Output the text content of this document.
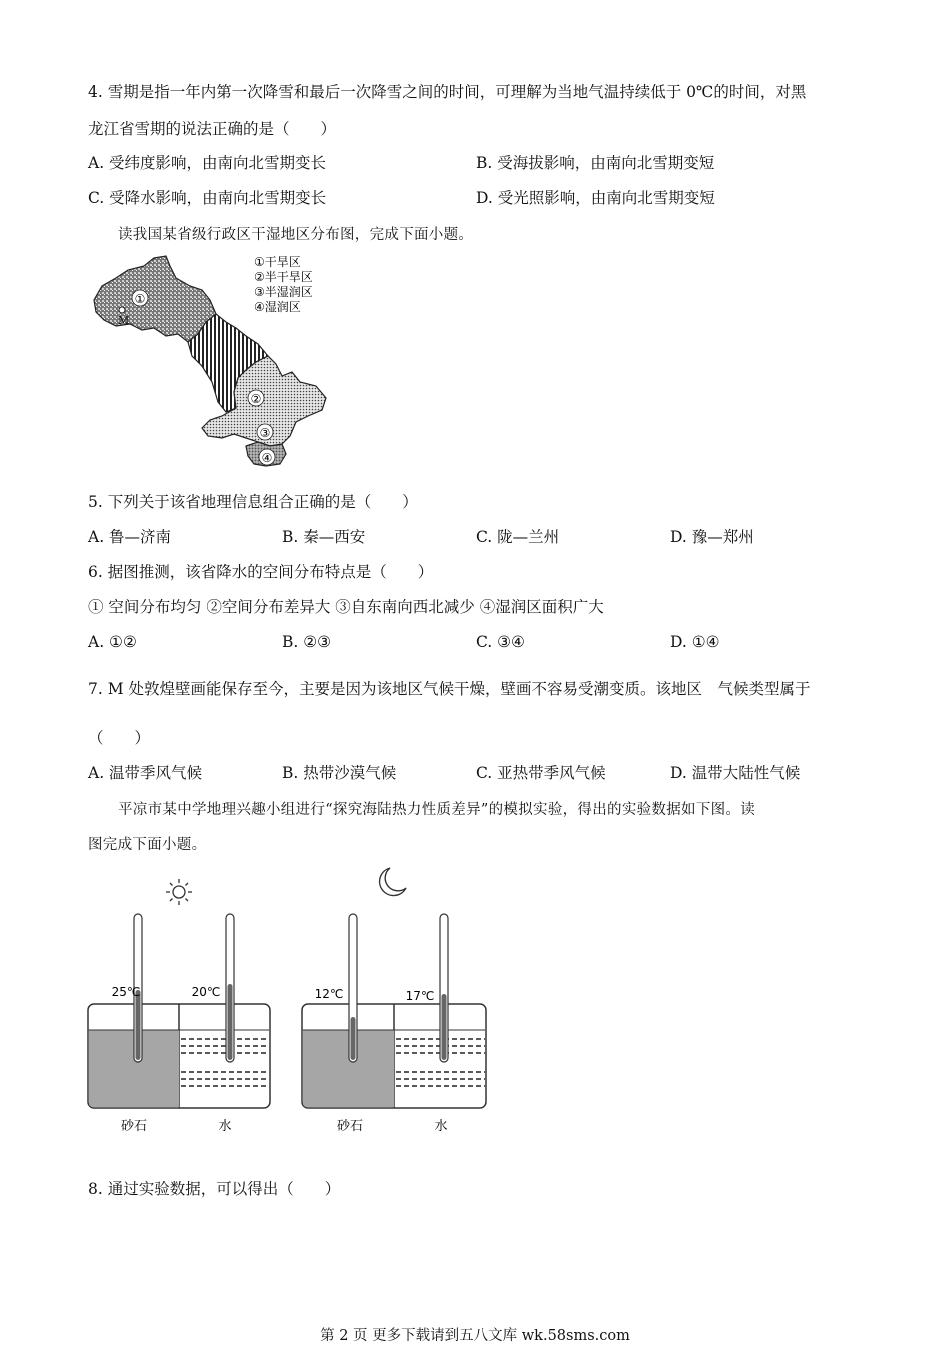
4. 雪期是指一年内第一次降雪和最后一次降雪之间的时间，可理解为当地气温持续低于 0℃的时间，对黑
龙江省雪期的说法正确的是（　　）
A. 受纬度影响，由南向北雪期变长	B. 受海拔影响，由南向北雪期变短
C. 受降水影响，由南向北雪期变长	D. 受光照影响，由南向北雪期变短
读我国某省级行政区干湿地区分布图，完成下面小题。
①
②
③
④
M
①干旱区
②半干旱区
③半湿润区
④湿润区
5. 下列关于该省地理信息组合正确的是（　　）
A. 鲁—济南	B. 秦—西安	C. 陇—兰州	D. 豫—郑州
6. 据图推测，该省降水的空间分布特点是（　　）
① 空间分布均匀 ②空间分布差异大 ③自东南向西北减少 ④湿润区面积广大
A. ①②	B. ②③	C. ③④	D. ①④
7. M 处敦煌壁画能保存至今，主要是因为该地区气候干燥，壁画不容易受潮变质。该地区　气候类型属于
（　　）
A. 温带季风气候	B. 热带沙漠气候	C. 亚热带季风气候	D. 温带大陆性气候
平凉市某中学地理兴趣小组进行“探究海陆热力性质差异”的模拟实验，得出的实验数据如下图。读
图完成下面小题。
25℃	20℃
砂石	水
12℃	17℃
砂石	水
8. 通过实验数据，可以得出（　　）
第 2 页 更多下载请到五八文库 wk.58sms.com
